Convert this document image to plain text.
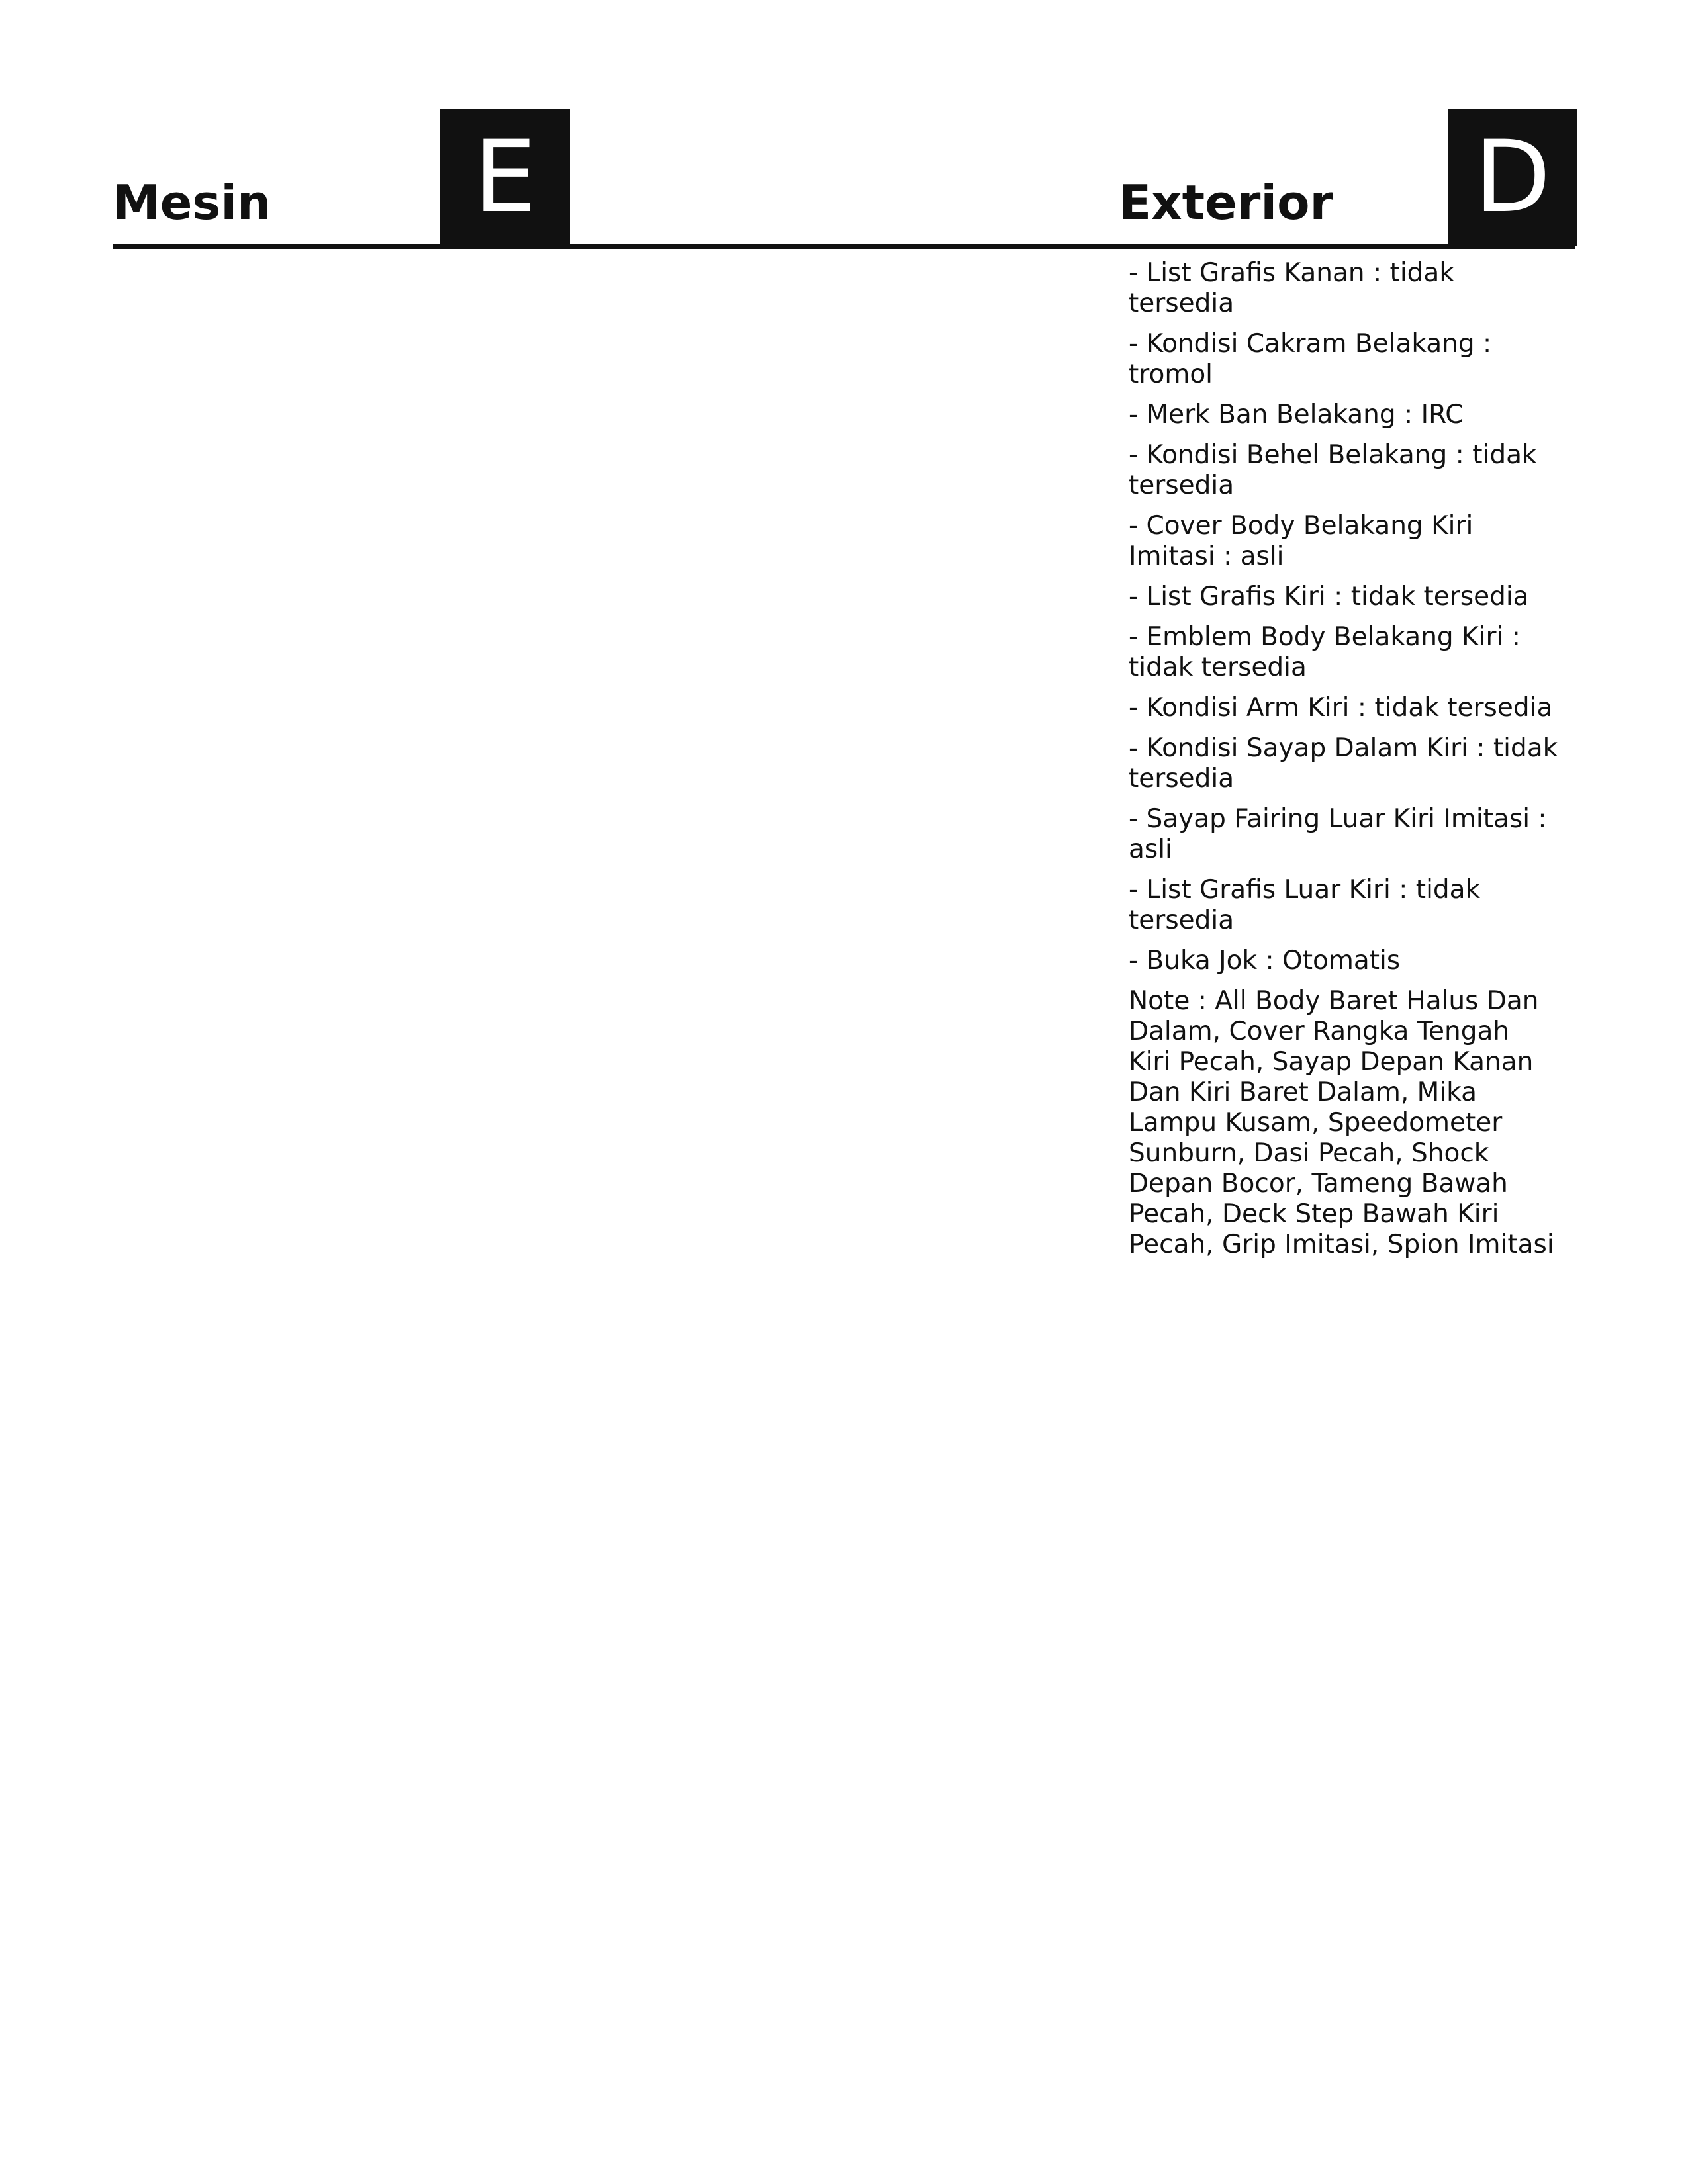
Mesin	E	Exterior D

- List Grafis Kanan : tidak tersedia

- Kondisi Cakram Belakang : tromol

- Merk Ban Belakang : IRC

- Kondisi Behel Belakang : tidak tersedia

- Cover Body Belakang Kiri Imitasi : asli

- List Grafis Kiri : tidak tersedia

- Emblem Body Belakang Kiri : tidak tersedia

- Kondisi Arm Kiri : tidak tersedia

- Kondisi Sayap Dalam Kiri : tidak tersedia

- Sayap Fairing Luar Kiri Imitasi : asli

- List Grafis Luar Kiri : tidak tersedia

- Buka Jok : Otomatis

Note : All Body Baret Halus Dan Dalam, Cover Rangka Tengah Kiri Pecah, Sayap Depan Kanan Dan Kiri Baret Dalam, Mika Lampu Kusam, Speedometer Sunburn, Dasi Pecah, Shock Depan Bocor, Tameng Bawah Pecah, Deck Step Bawah Kiri Pecah, Grip Imitasi, Spion Imitasi
